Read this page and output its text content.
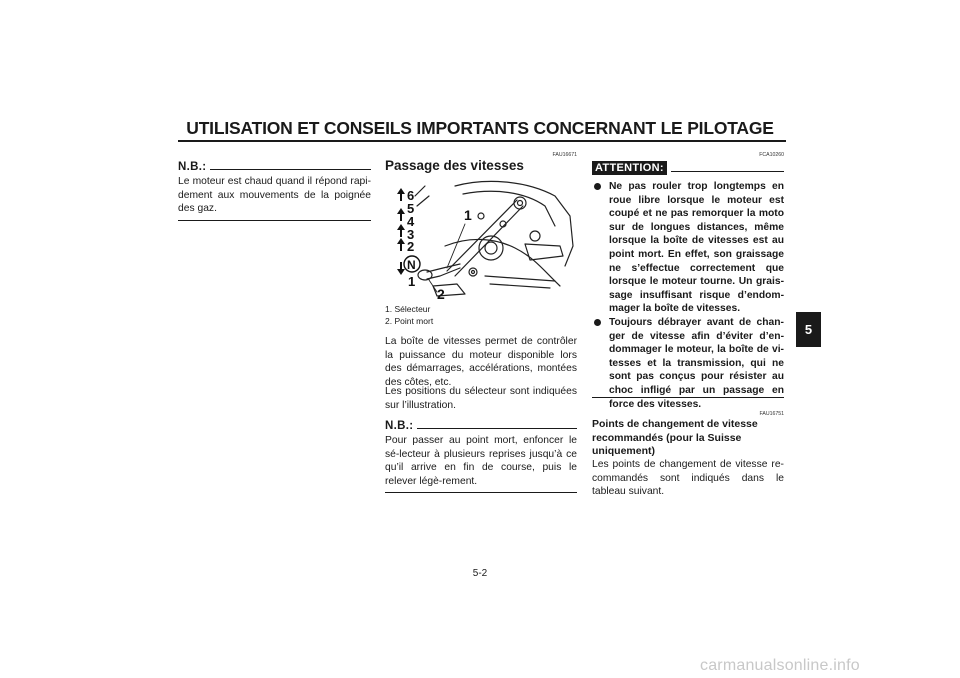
UTILISATION ET CONSEILS IMPORTANTS CONCERNANT LE PILOTAGE
5
N.B.:
Le moteur est chaud quand il répond rapi-dement aux mouvements de la poignée des gaz.
FAU16671
Passage des vitesses
6
5
4
3
2
N
1
1
2
1. Sélecteur
2. Point mort
La boîte de vitesses permet de contrôler la puissance du moteur disponible lors des démarrages, accélérations, montées des côtes, etc.
Les positions du sélecteur sont indiquées sur l’illustration.
N.B.:
Pour passer au point mort, enfoncer le sé-lecteur à plusieurs reprises jusqu’à ce qu’il arrive en fin de course, puis le relever légè-rement.
FCA10260
ATTENTION:
Ne pas rouler trop longtemps en roue libre lorsque le moteur est coupé et ne pas remorquer la moto sur de longues distances, même lorsque la boîte de vitesses est au point mort. En effet, son graissage ne s’effectue correctement que lorsque le moteur tourne. Un grais-sage insuffisant risque d’endom-mager la boîte de vitesses.
Toujours débrayer avant de chan-ger de vitesse afin d’éviter d’en-dommager le moteur, la boîte de vi-tesses et la transmission, qui ne sont pas conçus pour résister au choc infligé par un passage en force des vitesses.
FAU16751
Points de changement de vitesse recommandés (pour la Suisse uniquement)
Les points de changement de vitesse re-commandés sont indiqués dans le tableau suivant.
5-2
carmanualsonline.info
